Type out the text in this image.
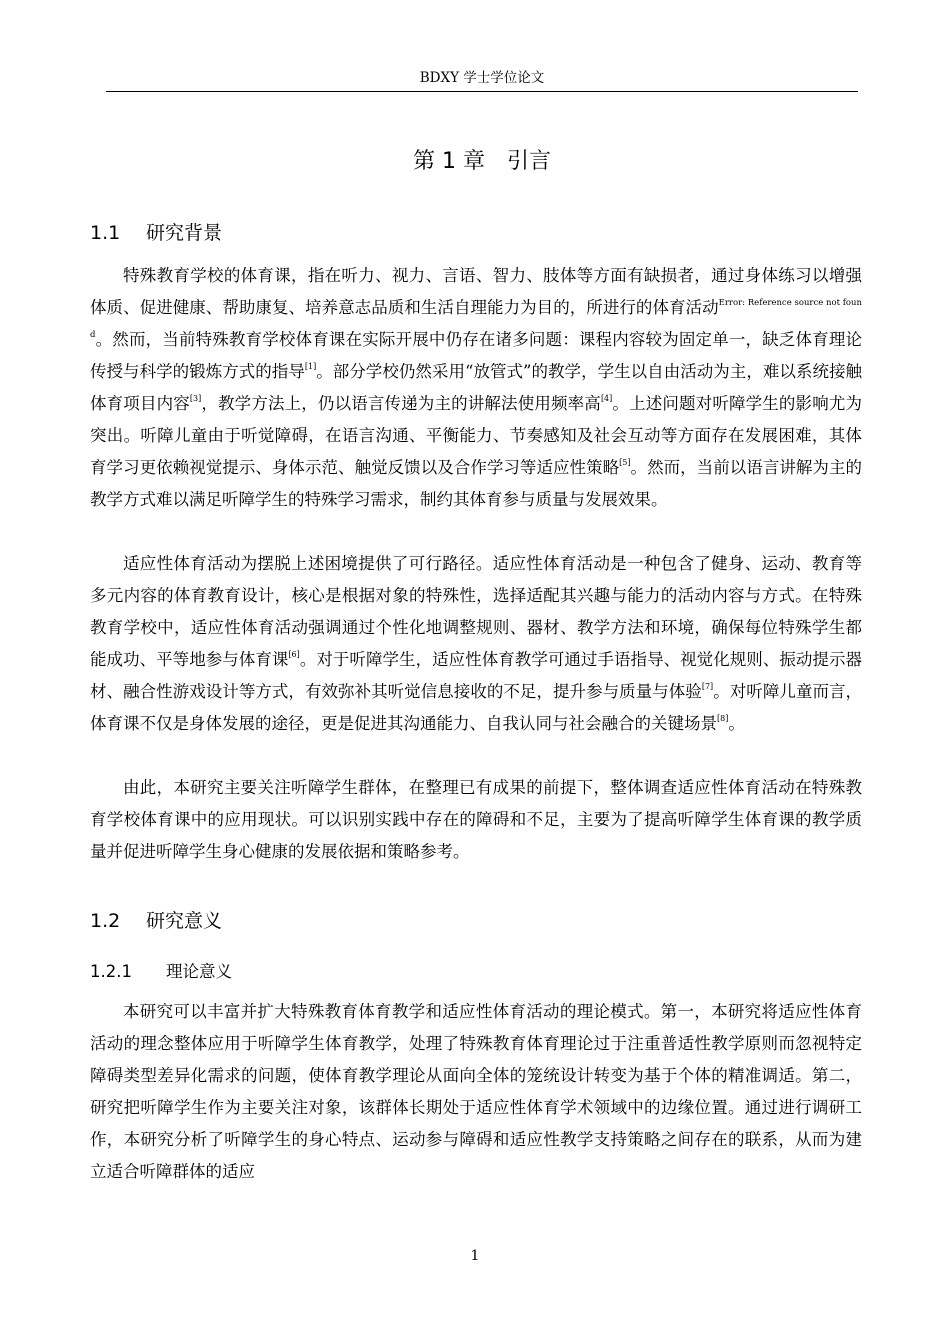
BDXY 学士学位论文
第 1 章 引言
1.1 研究背景

特殊教育学校的体育课，指在听力、视力、言语、智力、肢体等方面有缺损者，通过身体练习以增强体质、促进健康、帮助康复、培养意志品质和生活自理能力为目的，所进行的体育活动$^{Error: Reference source not found}$。然而，当前特殊教育学校体育课在实际开展中仍存在诸多问题：课程内容较为固定单一，缺乏体育理论传授与科学的锻炼方式的指导[1]。部分学校仍然采用“放管式”的教学，学生以自由活动为主，难以系统接触体育项目内容[3]，教学方法上，仍以语言传递为主的讲解法使用频率高[4]。上述问题对听障学生的影响尤为突出。听障儿童由于听觉障碍，在语言沟通、平衡能力、节奏感知及社会互动等方面存在发展困难，其体育学习更依赖视觉提示、身体示范、触觉反馈以及合作学习等适应性策略[5]。然而，当前以语言讲解为主的教学方式难以满足听障学生的特殊学习需求，制约其体育参与质量与发展效果。

适应性体育活动为摆脱上述困境提供了可行路径。适应性体育活动是一种包含了健身、运动、教育等多元内容的体育教育设计，核心是根据对象的特殊性，选择适配其兴趣与能力的活动内容与方式。在特殊教育学校中，适应性体育活动强调通过个性化地调整规则、器材、教学方法和环境，确保每位特殊学生都能成功、平等地参与体育课[6]。对于听障学生，适应性体育教学可通过手语指导、视觉化规则、振动提示器材、融合性游戏设计等方式，有效弥补其听觉信息接收的不足，提升参与质量与体验[7]。对听障儿童而言，体育课不仅是身体发展的途径，更是促进其沟通能力、自我认同与社会融合的关键场景[8]。

由此，本研究主要关注听障学生群体，在整理已有成果的前提下，整体调查适应性体育活动在特殊教育学校体育课中的应用现状。可以识别实践中存在的障碍和不足，主要为了提高听障学生体育课的教学质量并促进听障学生身心健康的发展依据和策略参考。

1.2 研究意义
1.2.1 理论意义

本研究可以丰富并扩大特殊教育体育教学和适应性体育活动的理论模式。第一，本研究将适应性体育活动的理念整体应用于听障学生体育教学，处理了特殊教育体育理论过于注重普适性教学原则而忽视特定障碍类型差异化需求的问题，使体育教学理论从面向全体的笼统设计转变为基于个体的精准调适。第二，研究把听障学生作为主要关注对象，该群体长期处于适应性体育学术领域中的边缘位置。通过进行调研工作，本研究分析了听障学生的身心特点、运动参与障碍和适应性教学支持策略之间存在的联系，从而为建立适合听障群体的适应

1
